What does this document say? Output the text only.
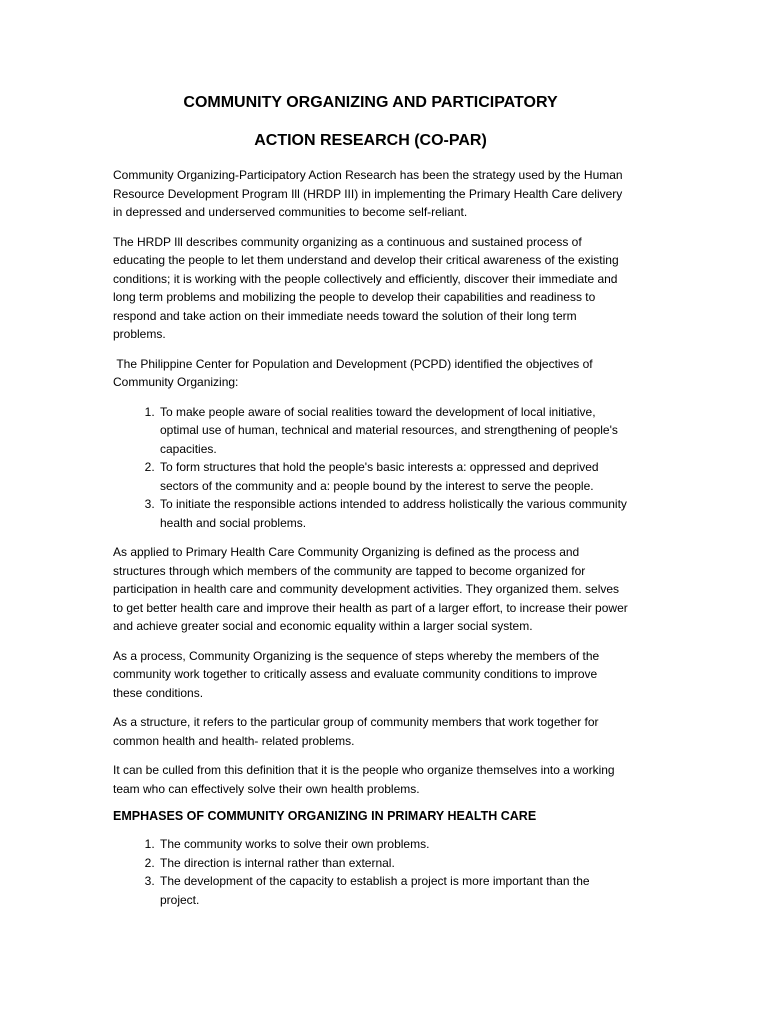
COMMUNITY ORGANIZING AND PARTICIPATORY
ACTION RESEARCH (CO-PAR)

Community Organizing-Participatory Action Research has been the strategy used by the Human Resource Development Program Ill (HRDP III) in implementing the Primary Health Care delivery in depressed and underserved communities to become self-reliant.

The HRDP Ill describes community organizing as a continuous and sustained process of educating the people to let them understand and develop their critical awareness of the existing conditions; it is working with the people collectively and efficiently, discover their immediate and long term problems and mobilizing the people to develop their capabilities and readiness to respond and take action on their immediate needs toward the solution of their long term problems.

The Philippine Center for Population and Development (PCPD) identified the objectives of Community Organizing:

1. To make people aware of social realities toward the development of local initiative, optimal use of human, technical and material resources, and strengthening of people's capacities.
2. To form structures that hold the people's basic interests a: oppressed and deprived sectors of the community and a: people bound by the interest to serve the people.
3. To initiate the responsible actions intended to address holistically the various community health and social problems.

As applied to Primary Health Care Community Organizing is defined as the process and structures through which members of the community are tapped to become organized for participation in health care and community development activities. They organized them. selves to get better health care and improve their health as part of a larger effort, to increase their power and achieve greater social and economic equality within a larger social system.

As a process, Community Organizing is the sequence of steps whereby the members of the community work together to critically assess and evaluate community conditions to improve these conditions.

As a structure, it refers to the particular group of community members that work together for common health and health- related problems.

It can be culled from this definition that it is the people who organize themselves into a working team who can effectively solve their own health problems.

EMPHASES OF COMMUNITY ORGANIZING IN PRIMARY HEALTH CARE
1. The community works to solve their own problems.
2. The direction is internal rather than external.
3. The development of the capacity to establish a project is more important than the project.
